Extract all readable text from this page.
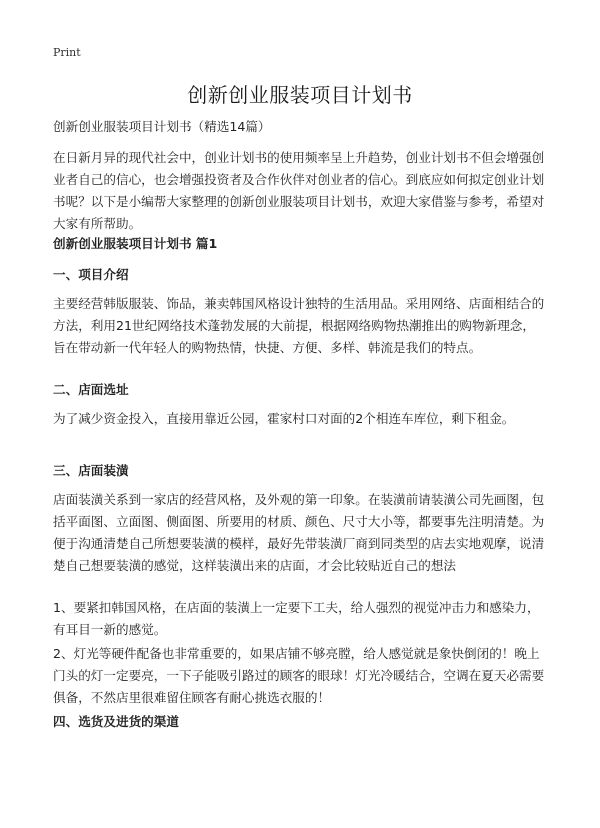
Print
创新创业服装项目计划书

创新创业服装项目计划书（精选14篇）

在日新月异的现代社会中，创业计划书的使用频率呈上升趋势，创业计划书不但会增强创业者自己的信心，也会增强投资者及合作伙伴对创业者的信心。到底应如何拟定创业计划书呢？以下是小编帮大家整理的创新创业服装项目计划书，欢迎大家借鉴与参考，希望对大家有所帮助。

创新创业服装项目计划书 篇1

一、项目介绍

主要经营韩版服装、饰品，兼卖韩国风格设计独特的生活用品。采用网络、店面相结合的方法，利用21世纪网络技术蓬勃发展的大前提，根据网络购物热潮推出的购物新理念，旨在带动新一代年轻人的购物热情，快捷、方便、多样、韩流是我们的特点。

二、店面选址

为了减少资金投入，直接用靠近公园，霍家村口对面的2个相连车库位，剩下租金。

三、店面装潢

店面装潢关系到一家店的经营风格，及外观的第一印象。在装潢前请装潢公司先画图，包括平面图、立面图、侧面图、所要用的材质、颜色、尺寸大小等，都要事先注明清楚。为便于沟通清楚自己所想要装潢的模样，最好先带装潢厂商到同类型的店去实地观摩，说清楚自己想要装潢的感觉，这样装潢出来的店面，才会比较贴近自己的想法

1、要紧扣韩国风格，在店面的装潢上一定要下工夫，给人强烈的视觉冲击力和感染力，有耳目一新的感觉。

2、灯光等硬件配备也非常重要的，如果店铺不够亮膛，给人感觉就是象快倒闭的！晚上门头的灯一定要亮，一下子能吸引路过的顾客的眼球！灯光冷暖结合，空调在夏天必需要俱备，不然店里很难留住顾客有耐心挑选衣服的！

四、选货及进货的渠道
